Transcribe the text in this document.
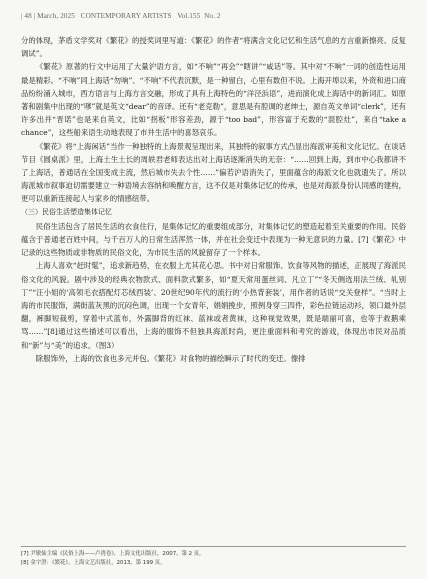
| 48 | March, 2025   CONTEMPORARY ARTISTS   Vol.155  No. 2

分的体现，茅盾文学奖对《繁花》的授奖词里写道：《繁花》的作者“将满含文化记忆和生活气息的方言重新擦亮、反复调试”。

《繁花》原著的行文中运用了大量沪语方言，如“不响”“再会”“瞎讲”“咸话”等。其中对“不响”一词的创造性运用最是精彩。“不响”同上海话“勿响”、“不响”不代表沉默，是一种留白，心里有数但不说。上海开埠以来，外资和进口商品纷纷涌入城市，西方语言与上海方言交融，形成了具有上海特色的“洋泾浜语”，进而演化成上海话中的新词汇。如原著和剧集中出现的“嗲”就是英文“dear”的音译。还有“老克勒”，意思是有腔调的老绅士，源自英文单词“clerk”，还有许多出并“晋诺”也是来自英文，比如“拐板”形容差劲，源于“too bad”，形容富于充数的“混腔灶”，来自“take a chance”，这些船来语生动地表现了市井生活中的喜怒哀乐。

《繁花》将“上海闲话”当作一种独特的上海景观呈现出来，其独特的叙事方式凸显出海派审美和文化记忆。在谈话节目《圆桌派》里，上海土生土长的周轶君老师表达出对上海话逐渐消失的无奈：“……回到上海，到市中心我都讲不了上海话，普通话在全国变成主流，然后城市失去个性……”偏若沪语消失了，里面蕴含的海派文化也就遗失了。所以海派城市叙事迫切需要建立一种语境去容纳和唤醒方言，这不仅是对集体记忆的传承，也是对海派身份认同感的建构，更可以重新连接起人与家乡的情感纽带。

（三）民俗生活塑造集体记忆

民俗生活包含了居民生活的衣食住行，是集体记忆的重要组成部分，对集体记忆的塑造起着至关重要的作用。民俗蕴含于普通老百姓中间，与千百万人的日常生活浑然一体，并在社会变迁中表现为一种无意识的力量。[7]《繁花》中记录的这些物质或非物质的民俗文化，为市民生活的风貌留存了一个样本。

上海人喜欢“赶时髦”，追求新趋势，在衣服上尤其花心思。书中对日常服饰、饮食等风物的描述，正展现了海派民俗文化的风貌。剧中涉及的经典衣物款式、面料款式繁多，如“夏天常用蛋丝词、凡立丁”“冬天侧选用法兰绒、轧别丁”“汪小姐的‘高领毛衣搭配灯芯绒西装’、20世纪90年代的流行的‘小热背套装’，用作者的话说“交关登样”。“当时上海的市民服饰，满街蓝灰黑的沉闷色调，出现一个女青年，娟娟挽步，照例身穿三四件，彩色拉链运动衫，领口最外层翻，裤脚短裁剪，穿着中式蓝布，外露脚背的红袜、蓝袜或者黄袜，这种视觉效果，既是端丽可喜，也等于救鹅乘骂……”[8]通过这些描述可以看出，上海的服饰不但独具海派时尚，更注重面料和考究的游戏，体现出市民对品质和“新”与“美”的追求。（图3）

除服饰外，上海的饮食也多元并包。《繁花》对食物的描绘瞬示了时代的变迁。像排

[7] 尹敏仙主编《民俗上海——卢湾卷》，上海文化出版社，2007，第 2 页。

[8] 金宇澄：《繁花》，上海文艺出版社，2013，第 199 页。
